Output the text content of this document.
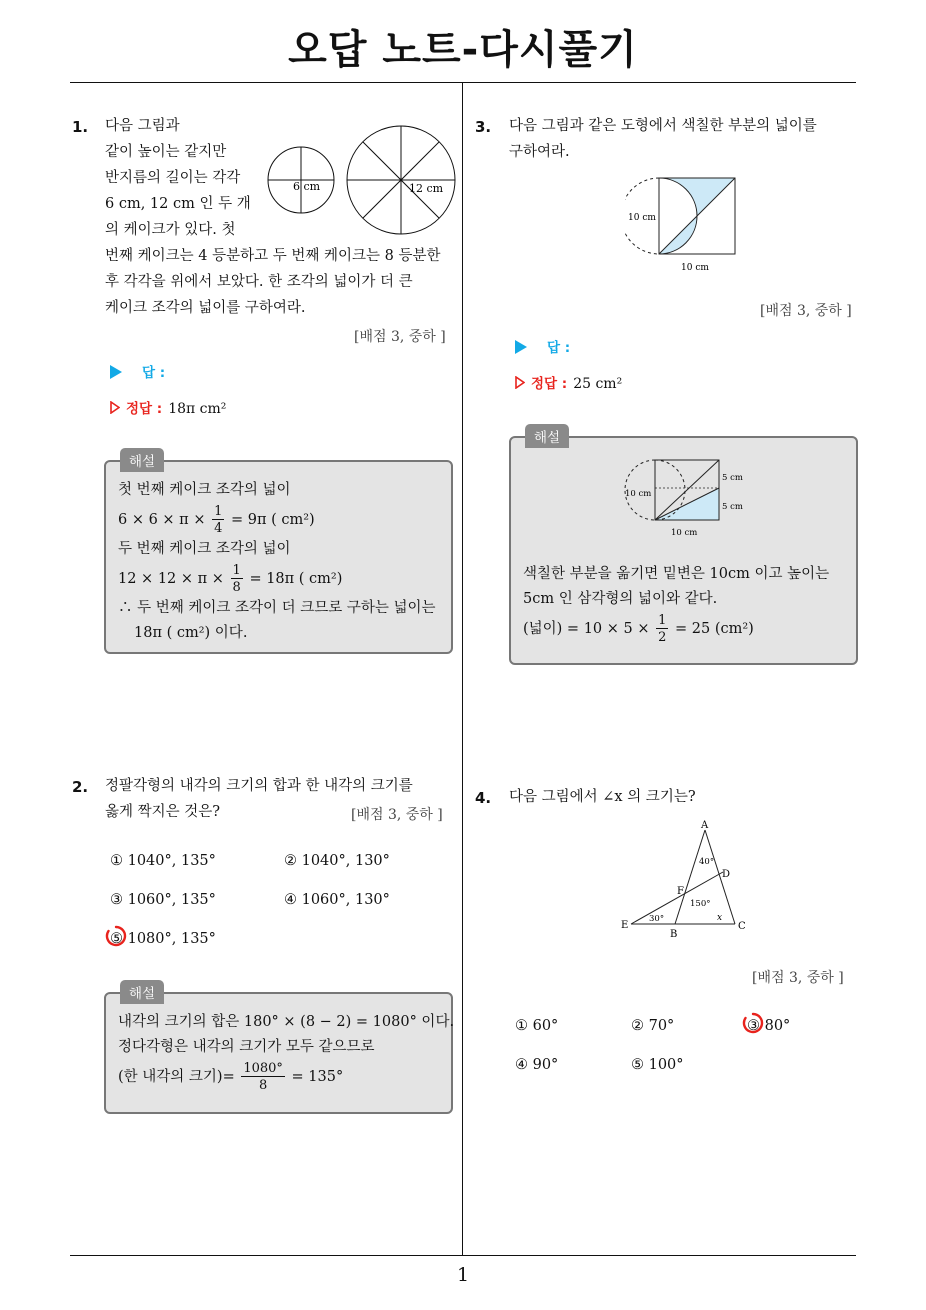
오답 노트-다시풀기
1. 다음 그림과
같이 높이는 같지만
반지름의 길이는 각각
6 cm, 12 cm 인 두 개
의 케이크가 있다. 첫
번째 케이크는 4 등분하고 두 번째 케이크는 8 등분한
후 각각을 위에서 보았다. 한 조각의 넓이가 더 큰
케이크 조각의 넓이를 구하여라.
6 cm	12 cm
[배점 3, 중하 ]
답 :
정답 : 18π cm²
해설
첫 번째 케이크 조각의 넓이
$6 \times 6 \times \pi \times \frac{1}{4} = 9\pi$ ( cm²)
두 번째 케이크 조각의 넓이
$12 \times 12 \times \pi \times \frac{1}{8} = 18\pi$ ( cm²)
∴ 두 번째 케이크 조각이 더 크므로 구하는 넓이는
18π ( cm²) 이다.
2. 정팔각형의 내각의 크기의 합과 한 내각의 크기를
옳게 짝지은 것은?	[배점 3, 중하 ]
① 1040°, 135°	② 1040°, 130°
③ 1060°, 135°	④ 1060°, 130°
⑤ 1080°, 135°
해설
내각의 크기의 합은 180° × (8 − 2) = 1080° 이다.
정다각형은 내각의 크기가 모두 같으므로
(한 내각의 크기)= $\frac{1080^\circ}{8} = 135^\circ$
3. 다음 그림과 같은 도형에서 색칠한 부분의 넓이를
구하여라.
10 cm
10 cm
[배점 3, 중하 ]
답 :
정답 : 25 cm²
해설
10 cm
10 cm
5 cm
5 cm
색칠한 부분을 옮기면 밑변은 10cm 이고 높이는
5cm 인 삼각형의 넓이와 같다.
(넓이) = $10 \times 5 \times \frac{1}{2} = 25$ (cm²)
4. 다음 그림에서 ∠x 의 크기는?
A
B
C
D
E
F
40°
150°
30°	x
[배점 3, 중하 ]
① 60°	② 70°	③ 80°
④ 90°	⑤ 100°
1
